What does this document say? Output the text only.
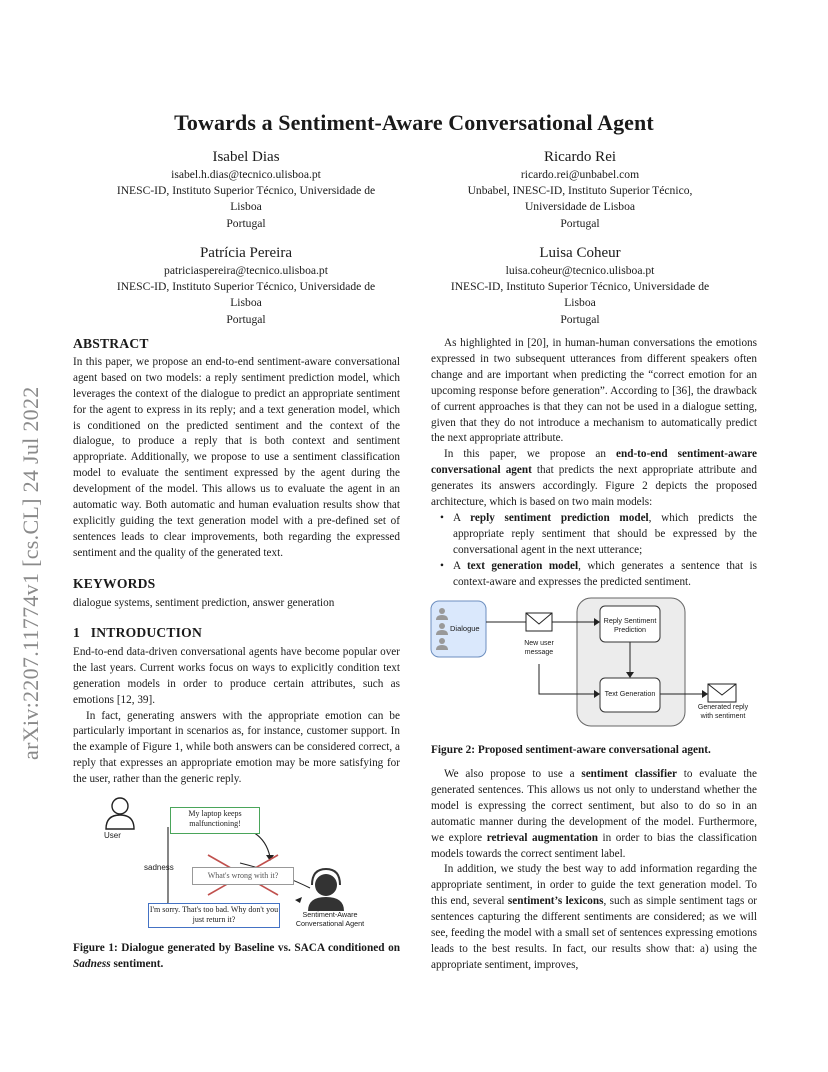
arXiv:2207.11774v1 [cs.CL] 24 Jul 2022
Towards a Sentiment-Aware Conversational Agent
Isabel Dias
isabel.h.dias@tecnico.ulisboa.pt
INESC-ID, Instituto Superior Técnico, Universidade de
Lisboa
Portugal
Ricardo Rei
ricardo.rei@unbabel.com
Unbabel, INESC-ID, Instituto Superior Técnico,
Universidade de Lisboa
Portugal
Patrícia Pereira
patriciaspereira@tecnico.ulisboa.pt
INESC-ID, Instituto Superior Técnico, Universidade de
Lisboa
Portugal
Luisa Coheur
luisa.coheur@tecnico.ulisboa.pt
INESC-ID, Instituto Superior Técnico, Universidade de
Lisboa
Portugal
ABSTRACT

In this paper, we propose an end-to-end sentiment-aware conversational agent based on two models: a reply sentiment prediction model, which leverages the context of the dialogue to predict an appropriate sentiment for the agent to express in its reply; and a text generation model, which is conditioned on the predicted sentiment and the context of the dialogue, to produce a reply that is both context and sentiment appropriate. Additionally, we propose to use a sentiment classification model to evaluate the sentiment expressed by the agent during the development of the model. This allows us to evaluate the agent in an automatic way. Both automatic and human evaluation results show that explicitly guiding the text generation model with a pre-defined set of sentences leads to clear improvements, both regarding the expressed sentiment and the quality of the generated text.

KEYWORDS

dialogue systems, sentiment prediction, answer generation

1   INTRODUCTION

End-to-end data-driven conversational agents have become popular over the last years. Current works focus on ways to explicitly condition text generation models in order to produce certain attributes, such as emotions [12, 39].

In fact, generating answers with the appropriate emotion can be particularly important in scenarios as, for instance, customer support. In the example of Figure 1, while both answers can be considered correct, a reply that expresses an appropriate emotion may be more satisfying for the user, rather than the generic reply.

User
My laptop keeps malfunctioning!
sadness
What's wrong with it?
I'm sorry. That's too bad. Why don't you just return it?
Sentiment-Aware Conversational Agent
Figure 1: Dialogue generated by Baseline vs. SACA conditioned on Sadness sentiment.

As highlighted in [20], in human-human conversations the emotions expressed in two subsequent utterances from different speakers often change and are important when predicting the “correct emotion for an upcoming response before generation”. According to [36], the drawback of current approaches is that they can not be used in a dialogue setting, given that they do not introduce a mechanism to automatically predict the next appropriate attribute.

In this paper, we propose an end-to-end sentiment-aware conversational agent that predicts the next appropriate attribute and generates its answers accordingly. Figure 2 depicts the proposed architecture, which is based on two main models:

• A reply sentiment prediction model, which predicts the appropriate reply sentiment that should be expressed by the conversational agent in the next utterance;
• A text generation model, which generates a sentence that is context-aware and expresses the predicted sentiment.
Dialogue
New user message
Reply Sentiment Prediction
Text Generation
Generated reply with sentiment
Figure 2: Proposed sentiment-aware conversational agent.

We also propose to use a sentiment classifier to evaluate the generated sentences. This allows us not only to understand whether the model is expressing the correct sentiment, but also to do so in an automatic manner during the development of the model. Furthermore, we explore retrieval augmentation in order to bias the classification models towards the correct sentiment label.

In addition, we study the best way to add information regarding the appropriate sentiment, in order to guide the text generation model. To this end, several sentiment’s lexicons, such as simple sentiment tags or sentences capturing the different sentiments are considered; as we will see, feeding the model with a small set of sentences expressing emotions leads to the best results. In fact, our results show that: a) using the appropriate sentiment, improves,
